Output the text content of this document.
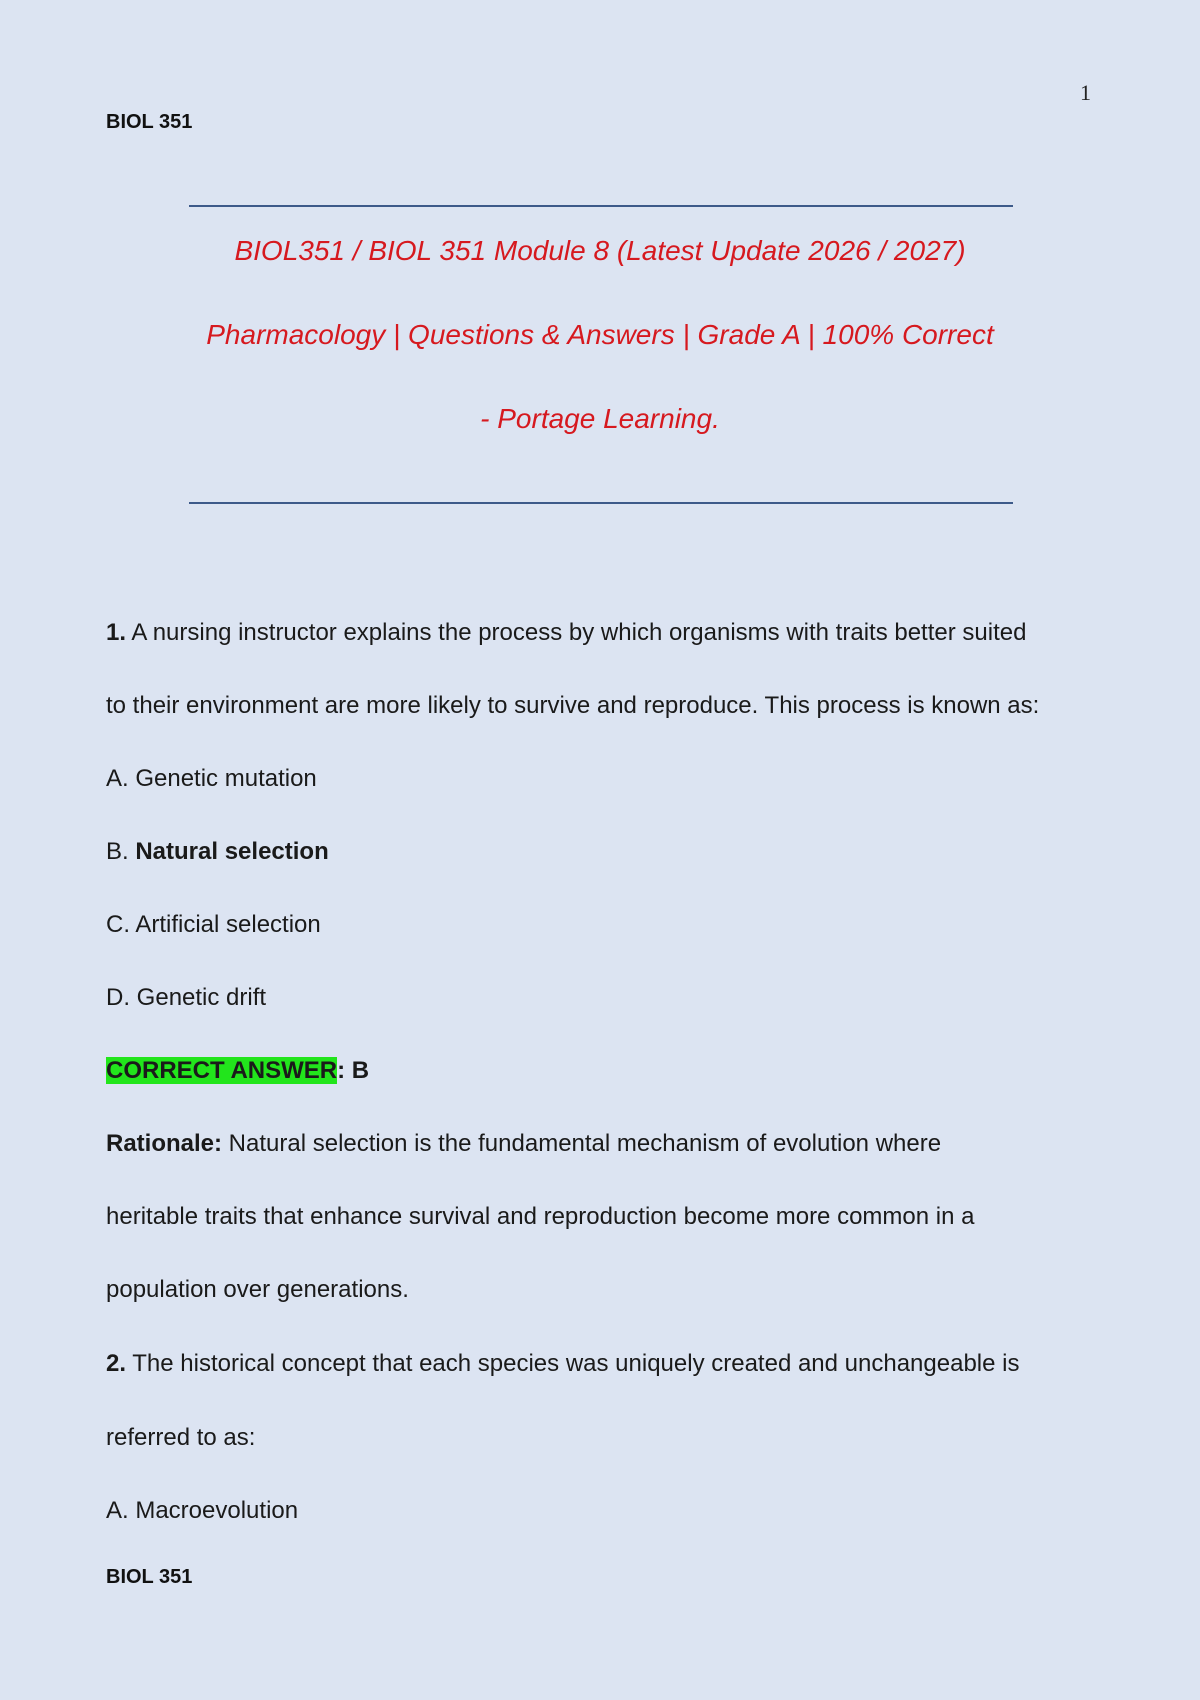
1
BIOL 351
BIOL351 / BIOL 351 Module 8 (Latest Update 2026 / 2027)
Pharmacology | Questions & Answers | Grade A | 100% Correct
- Portage Learning.
1. A nursing instructor explains the process by which organisms with traits better suited
to their environment are more likely to survive and reproduce. This process is known as:
A. Genetic mutation
B. Natural selection
C. Artificial selection
D. Genetic drift
CORRECT ANSWER: B
Rationale: Natural selection is the fundamental mechanism of evolution where
heritable traits that enhance survival and reproduction become more common in a
population over generations.
2. The historical concept that each species was uniquely created and unchangeable is
referred to as:
A. Macroevolution
BIOL 351
